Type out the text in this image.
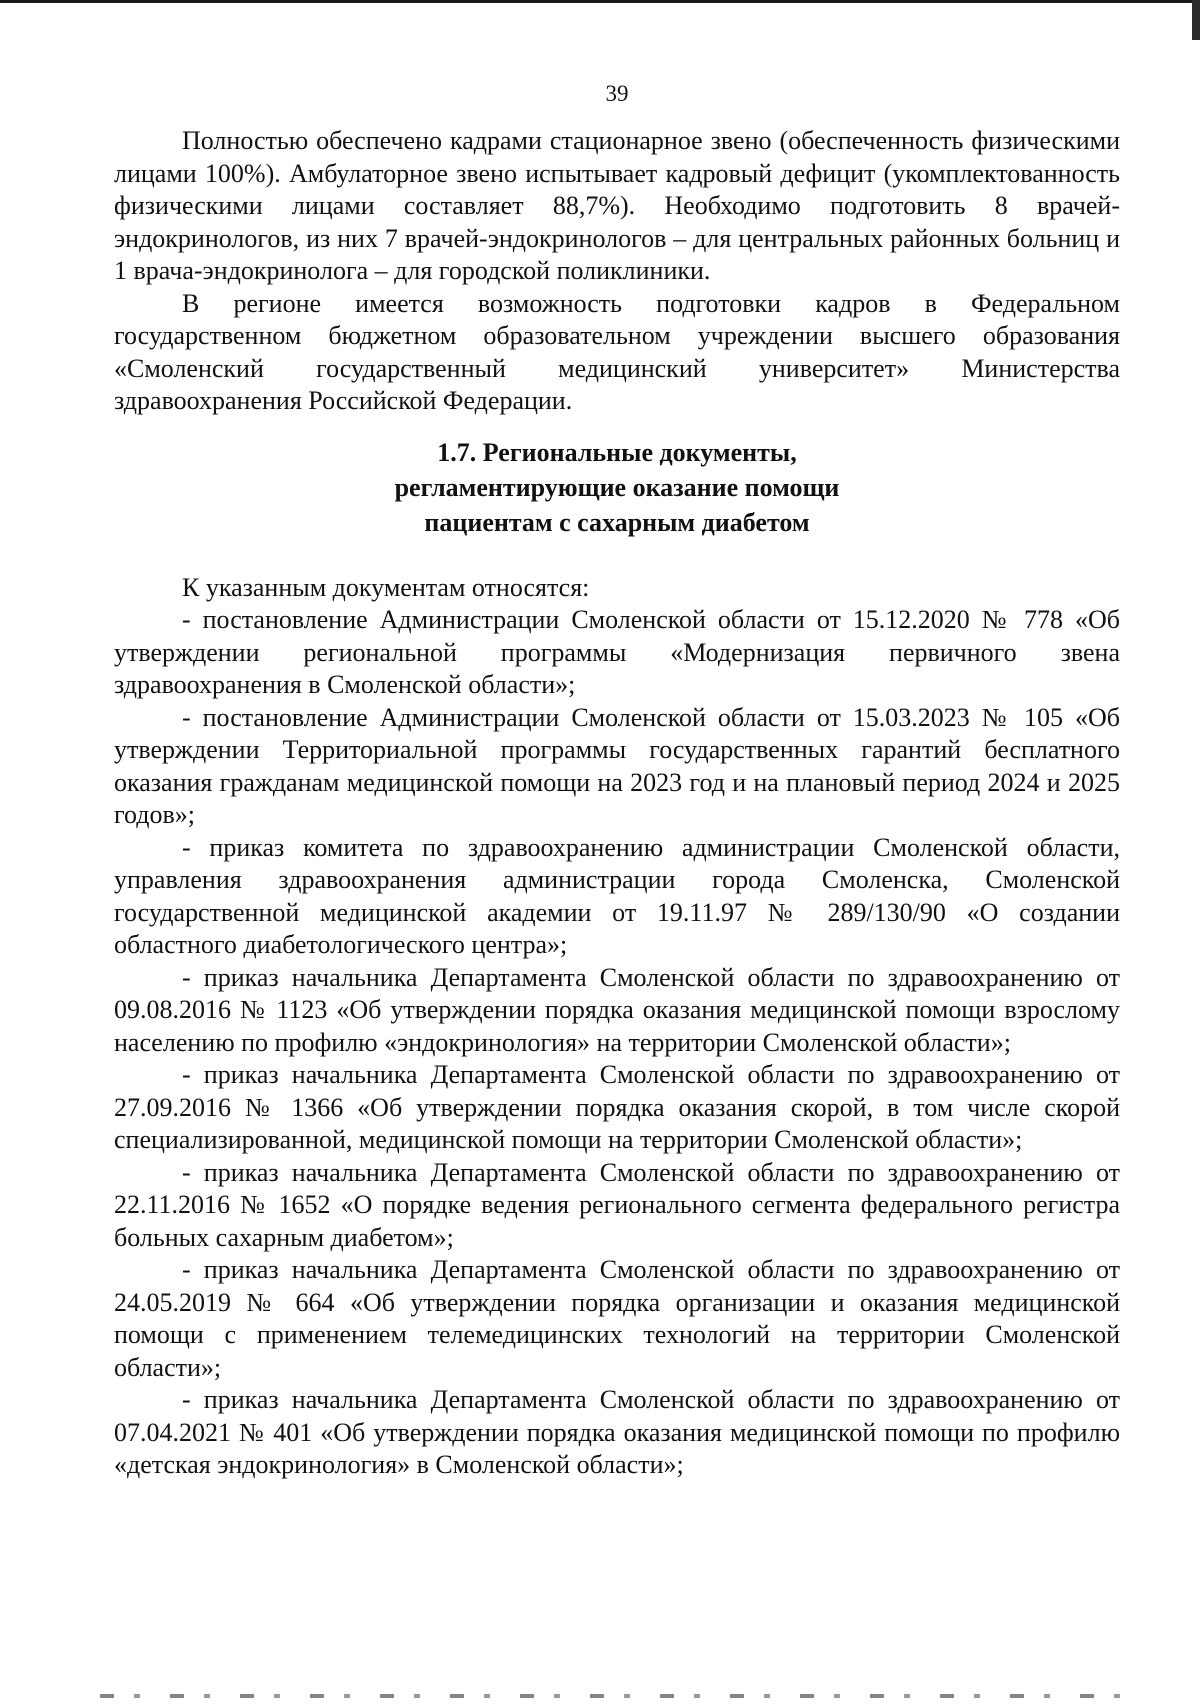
39

Полностью обеспечено кадрами стационарное звено (обеспеченность физическими лицами 100%). Амбулаторное звено испытывает кадровый дефицит (укомплектованность физическими лицами составляет 88,7%). Необходимо подготовить 8 врачей-эндокринологов, из них 7 врачей-эндокринологов – для центральных районных больниц и 1 врача-эндокринолога – для городской поликлиники.

В регионе имеется возможность подготовки кадров в Федеральном государственном бюджетном образовательном учреждении высшего образования «Смоленский государственный медицинский университет» Министерства здравоохранения Российской Федерации.

1.7. Региональные документы,
регламентирующие оказание помощи
пациентам с сахарным диабетом

К указанным документам относятся:

- постановление Администрации Смоленской области от 15.12.2020 № 778 «Об утверждении региональной программы «Модернизация первичного звена здравоохранения в Смоленской области»;

- постановление Администрации Смоленской области от 15.03.2023 № 105 «Об утверждении Территориальной программы государственных гарантий бесплатного оказания гражданам медицинской помощи на 2023 год и на плановый период 2024 и 2025 годов»;

- приказ комитета по здравоохранению администрации Смоленской области, управления здравоохранения администрации города Смоленска, Смоленской государственной медицинской академии от 19.11.97 № 289/130/90 «О создании областного диабетологического центра»;

- приказ начальника Департамента Смоленской области по здравоохранению от 09.08.2016 № 1123 «Об утверждении порядка оказания медицинской помощи взрослому населению по профилю «эндокринология» на территории Смоленской области»;

- приказ начальника Департамента Смоленской области по здравоохранению от 27.09.2016 № 1366 «Об утверждении порядка оказания скорой, в том числе скорой специализированной, медицинской помощи на территории Смоленской области»;

- приказ начальника Департамента Смоленской области по здравоохранению от 22.11.2016 № 1652 «О порядке ведения регионального сегмента федерального регистра больных сахарным диабетом»;

- приказ начальника Департамента Смоленской области по здравоохранению от 24.05.2019 № 664 «Об утверждении порядка организации и оказания медицинской помощи с применением телемедицинских технологий на территории Смоленской области»;

- приказ начальника Департамента Смоленской области по здравоохранению от 07.04.2021 № 401 «Об утверждении порядка оказания медицинской помощи по профилю «детская эндокринология» в Смоленской области»;
